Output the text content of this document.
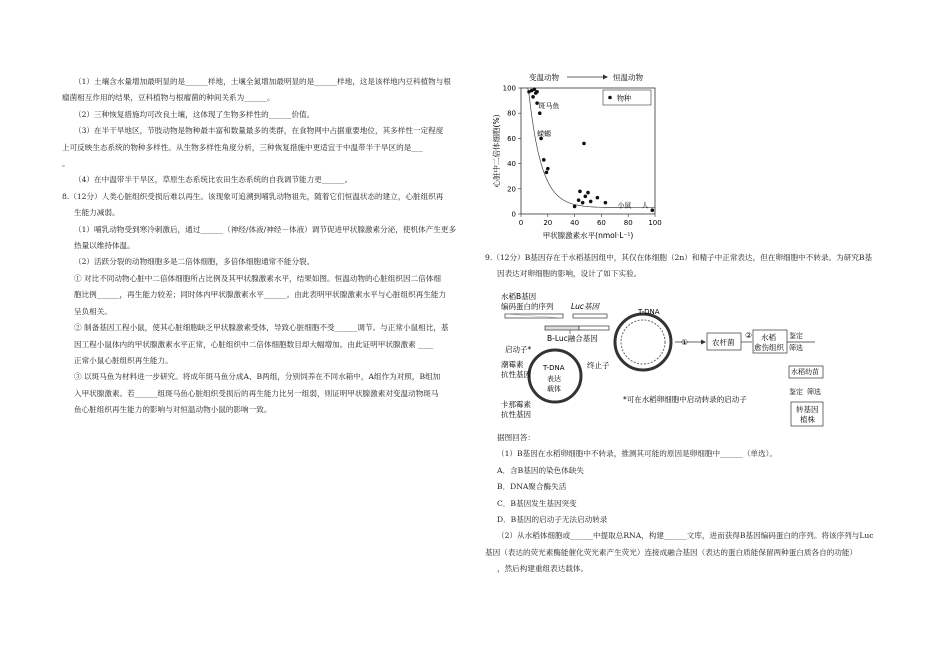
（1）土壤含水量增加最明显的是______样地，土壤全氮增加最明显的是______样地，这是该样地内豆科植物与根

瘤菌相互作用的结果，豆科植物与根瘤菌的种间关系为______。

（2）三种恢复措施均可改良土壤，这体现了生物多样性的______价值。

（3）在半干旱地区，节肢动物是物种最丰富和数量最多的类群，在食物网中占据重要地位，其多样性一定程度

上可反映生态系统的物种多样性。从生物多样性角度分析，三种恢复措施中更适宜于中温带半干旱区的是___

。

（4）在中温带半干旱区，草原生态系统比农田生态系统的自我调节能力更______。

8.（12分）人类心脏组织受损后难以再生。该现象可追溯到哺乳动物祖先，随着它们恒温状态的建立，心脏组织再

生能力减弱。

（1）哺乳动物受到寒冷刺激后，通过______（神经/体液/神经－体液）调节促进甲状腺激素分泌，使机体产生更多

热量以维持体温。

（2）活跃分裂的动物细胞多是二倍体细胞，多倍体细胞通常不能分裂。

① 对比不同动物心脏中二倍体细胞所占比例及其甲状腺激素水平，结果如图。恒温动物的心脏组织因二倍体细

胞比例______，再生能力较差；同时体内甲状腺激素水平______。由此表明甲状腺激素水平与心脏组织再生能力

呈负相关。

② 制备基因工程小鼠，使其心脏细胞缺乏甲状腺激素受体，导致心脏细胞不受______调节。与正常小鼠相比，基

因工程小鼠体内的甲状腺激素水平正常，心脏组织中二倍体细胞数目却大幅增加。由此证明甲状腺激素 ____

正常小鼠心脏组织再生能力。

③ 以斑马鱼为材料进一步研究。将成年斑马鱼分成A、B两组，分别饲养在不同水箱中，A组作为对照，B组加

入甲状腺激素。若______组斑马鱼心脏组织受损后的再生能力比另一组弱，则证明甲状腺激素对变温动物斑马

鱼心脏组织再生能力的影响与对恒温动物小鼠的影响一致。

0	20	40	60	80 100
0
20
40
60
80
100
甲状腺激素水平(nmol·L⁻¹)
心脏中二倍体细胞(%)
变温动物	恒温动物
物种
斑马鱼
蝾螈
小鼠 人

9.（12分）B基因存在于水稻基因组中，其仅在体细胞（2n）和精子中正常表达，但在卵细胞中不转录。为研究B基

因表达对卵细胞的影响，设计了如下实验。

水稻B基因
编码蛋白的序列 Luc基因
B-Luc融合基因
启动子*
T-DNA
表达
载体
终止子
潮霉素
抗性基因
卡那霉素
抗性基因
T-DNA
①	农杆菌
② 水稻
愈伤组织
鉴定
筛选
水稻幼苗
鉴定 筛选
转基因
植株
*可在水稻卵细胞中启动转录的启动子

据图回答：

（1）B基因在水稻卵细胞中不转录，推测其可能的原因是卵细胞中______（单选）。

A．含B基因的染色体缺失

B．DNA聚合酶失活

C．B基因发生基因突变

D．B基因的启动子无法启动转录

（2）从水稻体细胞或______中提取总RNA，构建______文库，进而获得B基因编码蛋白的序列。将该序列与Luc

基因（表达的荧光素酶能催化荧光素产生荧光）连接成融合基因（表达的蛋白质能保留两种蛋白质各自的功能）

，然后构建重组表达载体。
